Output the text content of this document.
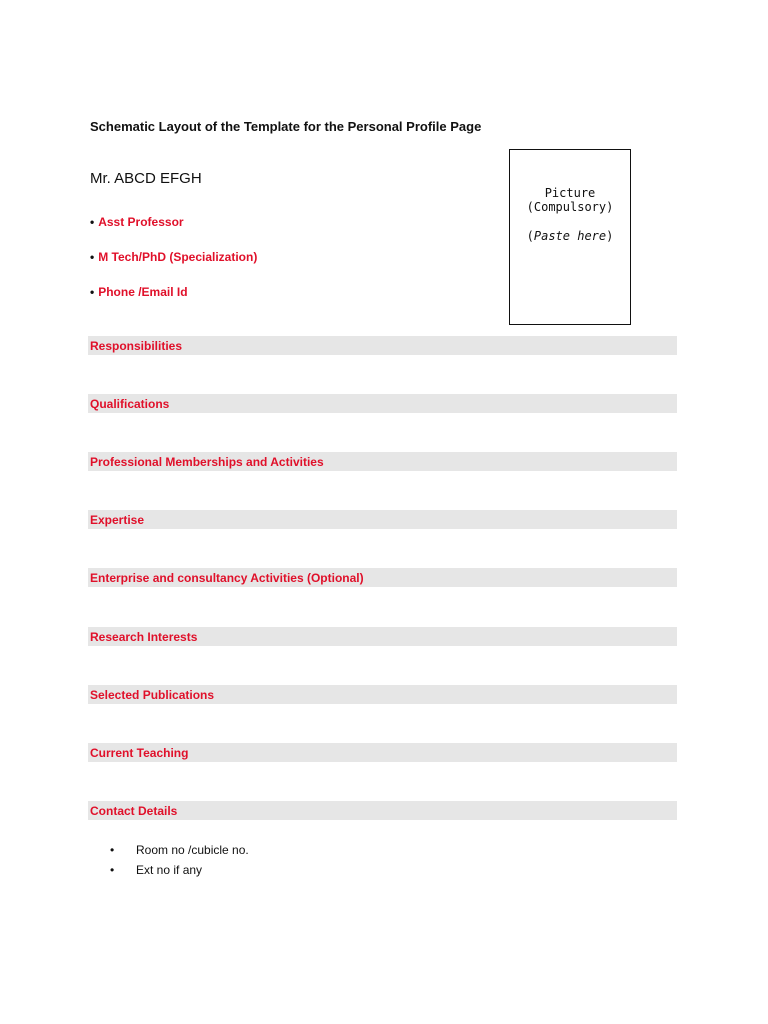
Schematic Layout of the Template for the Personal Profile Page
Mr. ABCD EFGH
• Asst Professor
• M Tech/PhD (Specialization)
• Phone /Email Id
Picture
(Compulsory)
(Paste here)
Responsibilities
Qualifications
Professional Memberships and Activities
Expertise
Enterprise and consultancy Activities (Optional)
Research Interests
Selected Publications
Current Teaching
Contact Details
• Room no /cubicle no.
• Ext no if any
